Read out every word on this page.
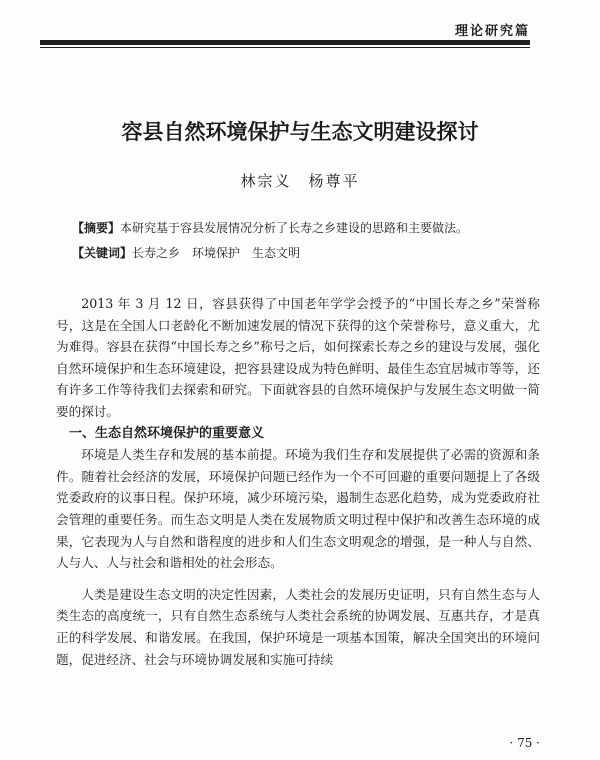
理论研究篇
容县自然环境保护与生态文明建设探讨
林宗义　杨尊平
【摘要】本研究基于容县发展情况分析了长寿之乡建设的思路和主要做法。
【关键词】长寿之乡　环境保护　生态文明

2013 年 3 月 12 日，容县获得了中国老年学学会授予的“中国长寿之乡”荣誉称号，这是在全国人口老龄化不断加速发展的情况下获得的这个荣誉称号，意义重大，尤为难得。容县在获得“中国长寿之乡”称号之后，如何探索长寿之乡的建设与发展，强化自然环境保护和生态环境建设，把容县建设成为特色鲜明、最佳生态宜居城市等等，还有许多工作等待我们去探索和研究。下面就容县的自然环境保护与发展生态文明做一简要的探讨。

一、生态自然环境保护的重要意义

环境是人类生存和发展的基本前提。环境为我们生存和发展提供了必需的资源和条件。随着社会经济的发展，环境保护问题已经作为一个不可回避的重要问题提上了各级党委政府的议事日程。保护环境，减少环境污染，遏制生态恶化趋势，成为党委政府社会管理的重要任务。而生态文明是人类在发展物质文明过程中保护和改善生态环境的成果，它表现为人与自然和谐程度的进步和人们生态文明观念的增强，是一种人与自然、人与人、人与社会和谐相处的社会形态。

人类是建设生态文明的决定性因素，人类社会的发展历史证明，只有自然生态与人类生态的高度统一，只有自然生态系统与人类社会系统的协调发展、互惠共存，才是真正的科学发展、和谐发展。在我国，保护环境是一项基本国策，解决全国突出的环境问题，促进经济、社会与环境协调发展和实施可持续

· 75 ·
